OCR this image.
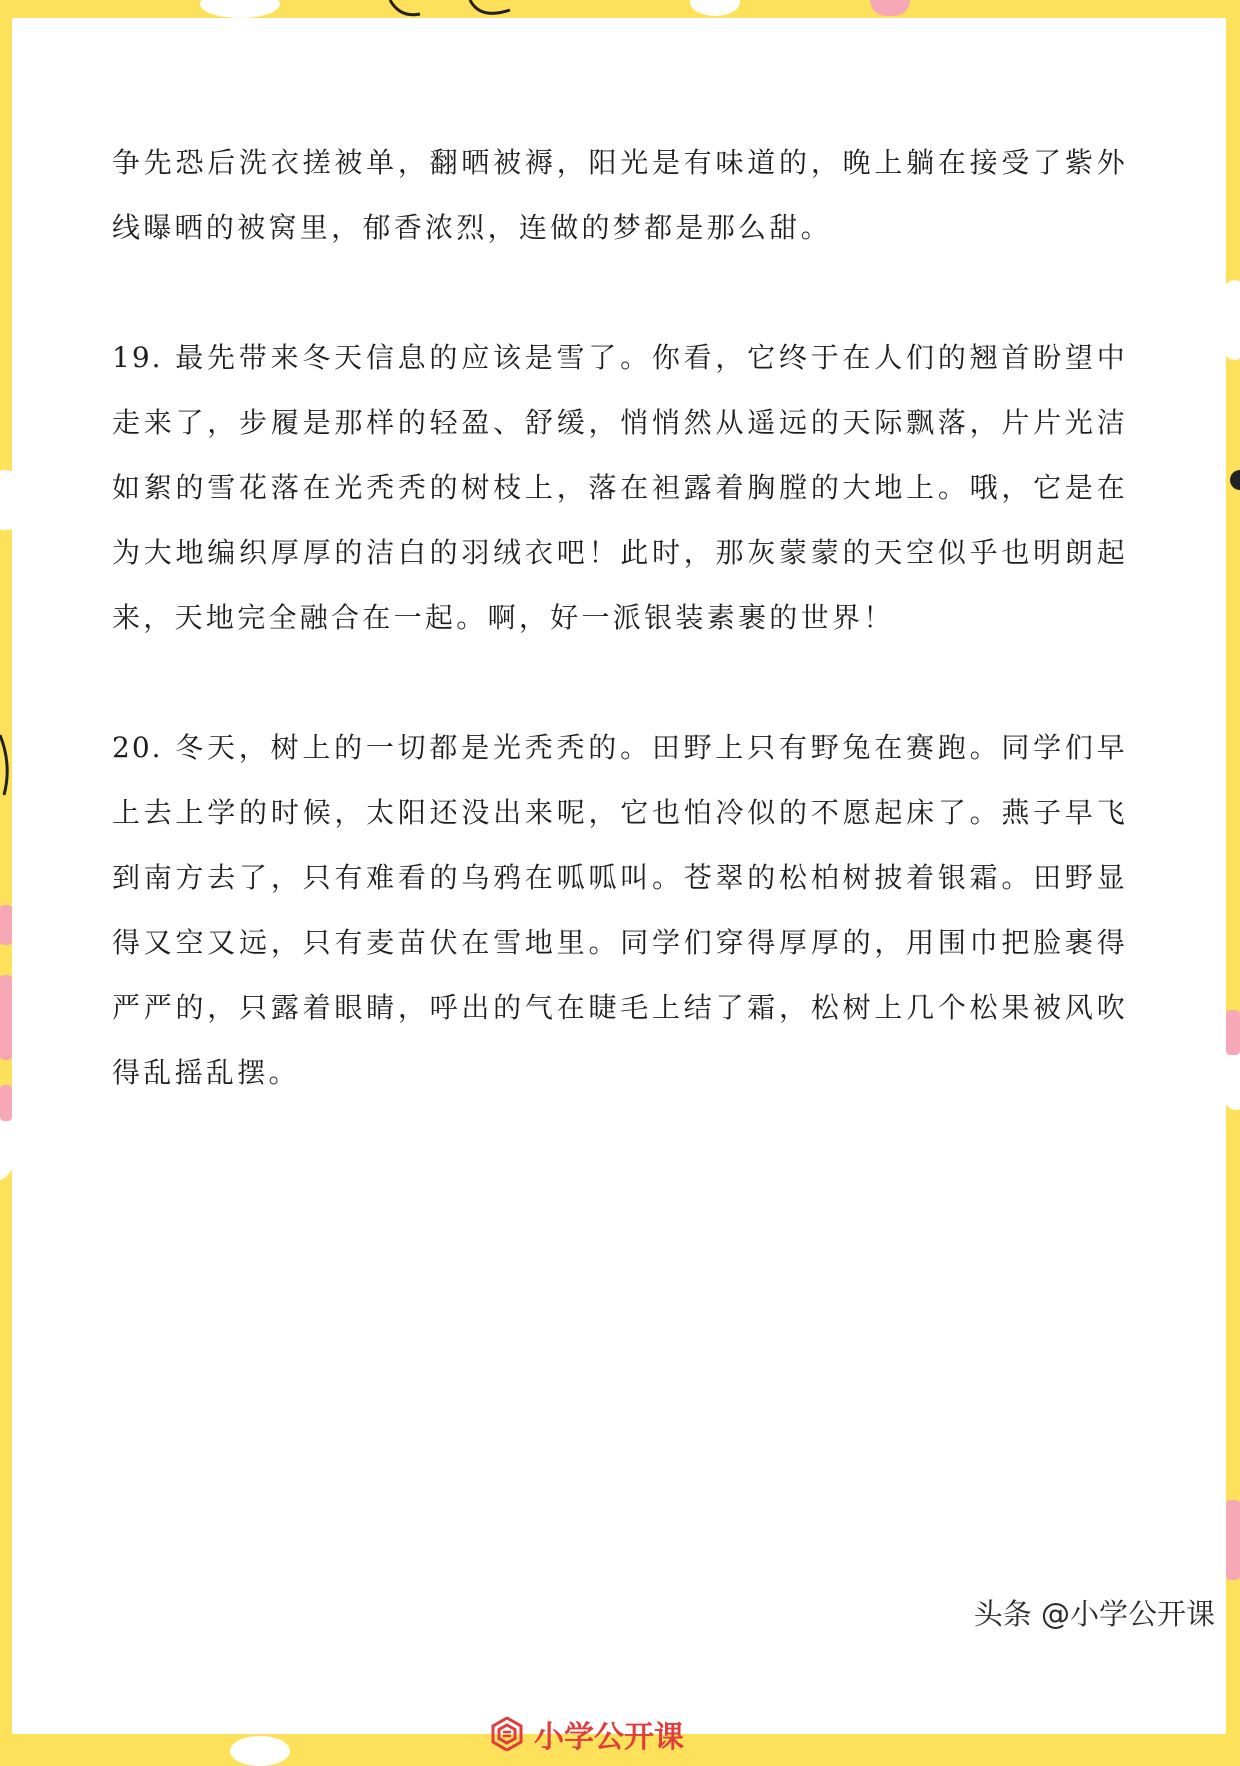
争先恐后洗衣搓被单，翻晒被褥，阳光是有味道的，晚上躺在接受了紫外线曝晒的被窝里，郁香浓烈，连做的梦都是那么甜。

19. 最先带来冬天信息的应该是雪了。你看，它终于在人们的翘首盼望中走来了，步履是那样的轻盈、舒缓，悄悄然从遥远的天际飘落，片片光洁如絮的雪花落在光秃秃的树枝上，落在袒露着胸膛的大地上。哦，它是在为大地编织厚厚的洁白的羽绒衣吧！此时，那灰蒙蒙的天空似乎也明朗起来，天地完全融合在一起。啊，好一派银装素裹的世界！

20. 冬天，树上的一切都是光秃秃的。田野上只有野兔在赛跑。同学们早上去上学的时候，太阳还没出来呢，它也怕冷似的不愿起床了。燕子早飞到南方去了，只有难看的乌鸦在呱呱叫。苍翠的松柏树披着银霜。田野显得又空又远，只有麦苗伏在雪地里。同学们穿得厚厚的，用围巾把脸裹得严严的，只露着眼睛，呼出的气在睫毛上结了霜，松树上几个松果被风吹得乱摇乱摆。

头条 @小学公开课
小学公开课
